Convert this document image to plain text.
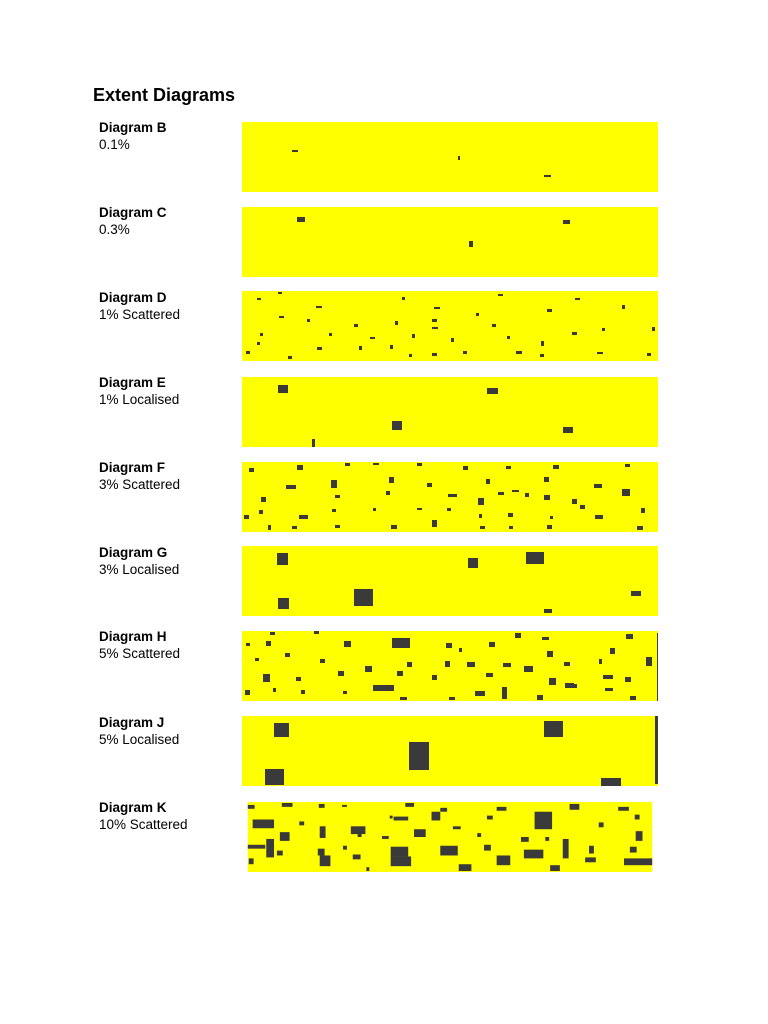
Extent Diagrams
Diagram B
0.1%
Diagram C
0.3%
Diagram D
1% Scattered
Diagram E
1% Localised
Diagram F
3% Scattered
Diagram G
3% Localised
Diagram H
5% Scattered
Diagram J
5% Localised
Diagram K
10% Scattered
